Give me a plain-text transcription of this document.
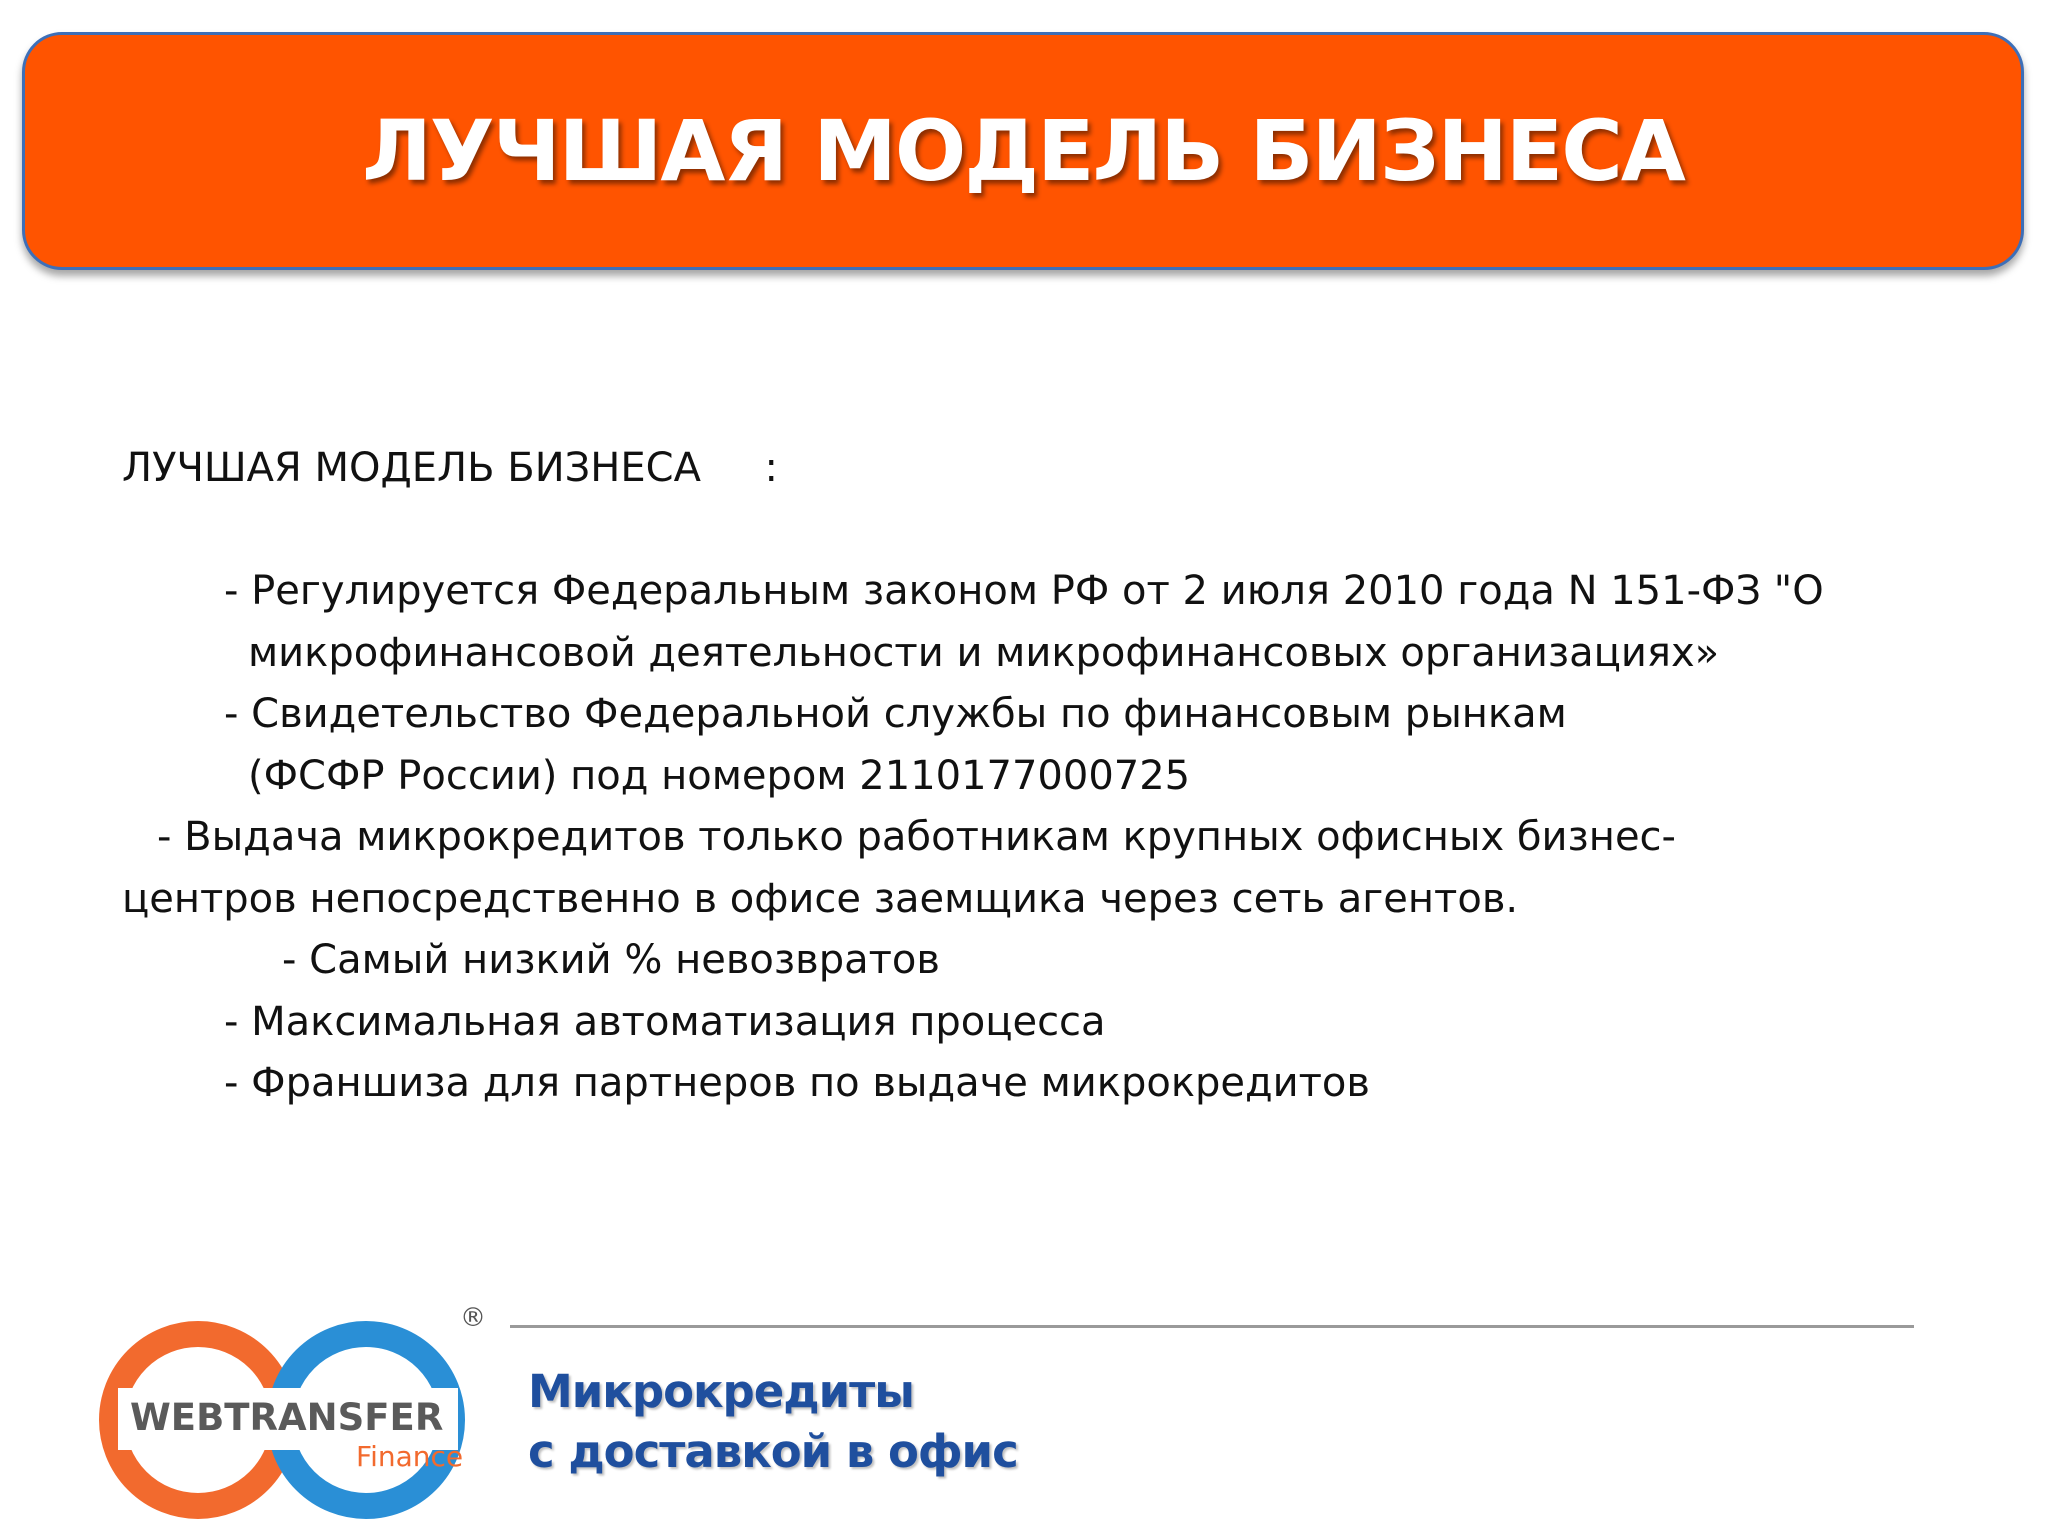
ЛУЧШАЯ МОДЕЛЬ БИЗНЕСА
ЛУЧШАЯ МОДЕЛЬ БИЗНЕСА     :
- Регулируется Федеральным законом РФ от 2 июля 2010 года N 151-ФЗ "О
микрофинансовой деятельности и микрофинансовых организациях»
- Свидетельство Федеральной службы по финансовым рынкам
(ФСФР России) под номером 2110177000725
- Выдача микрокредитов только работникам крупных офисных бизнес-
центров непосредственно в офисе заемщика через сеть агентов.
- Самый низкий % невозвратов
- Максимальная автоматизация процесса
- Франшиза для партнеров по выдаче микрокредитов
WEBTRANSFER
Finance
®
Микрокредиты
с доставкой в офис
